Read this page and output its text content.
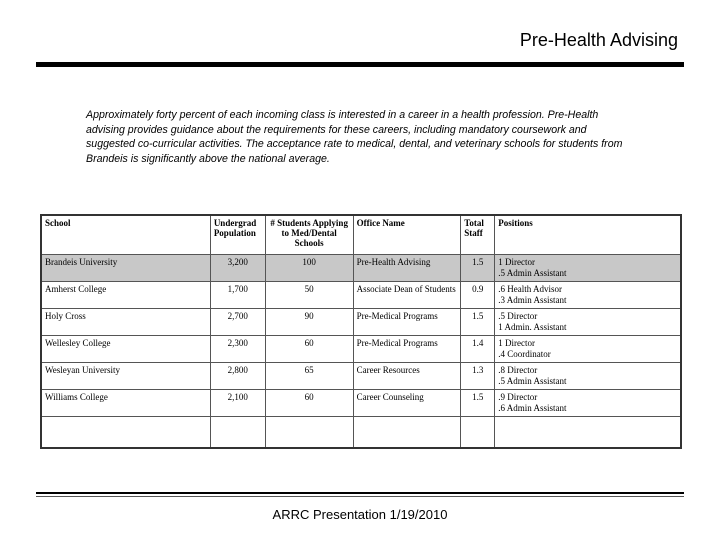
Pre-Health Advising
Approximately forty percent of each incoming class is interested in a career in a health profession. Pre-Health advising provides guidance about the requirements for these careers, including mandatory coursework and suggested co-curricular activities. The acceptance rate to medical, dental, and veterinary schools for students from Brandeis is significantly above the national average.
School	Undergrad Population	# Students Applying to Med/Dental Schools	Office Name	Total Staff	Positions
Brandeis University	3,200	100	Pre-Health Advising	1.5	1 Director
.5 Admin Assistant

Amherst College	1,700	50	Associate Dean of Students	0.9	.6 Health Advisor
.3 Admin Assistant

Holy Cross	2,700	90	Pre-Medical Programs	1.5	.5 Director
1 Admin. Assistant

Wellesley College	2,300	60	Pre-Medical Programs	1.4	1 Director
.4 Coordinator

Wesleyan University	2,800	65	Career Resources	1.3	.8 Director
.5 Admin Assistant

Williams College	2,100	60	Career Counseling	1.5	.9 Director
.6 Admin Assistant

ARRC Presentation 1/19/2010
